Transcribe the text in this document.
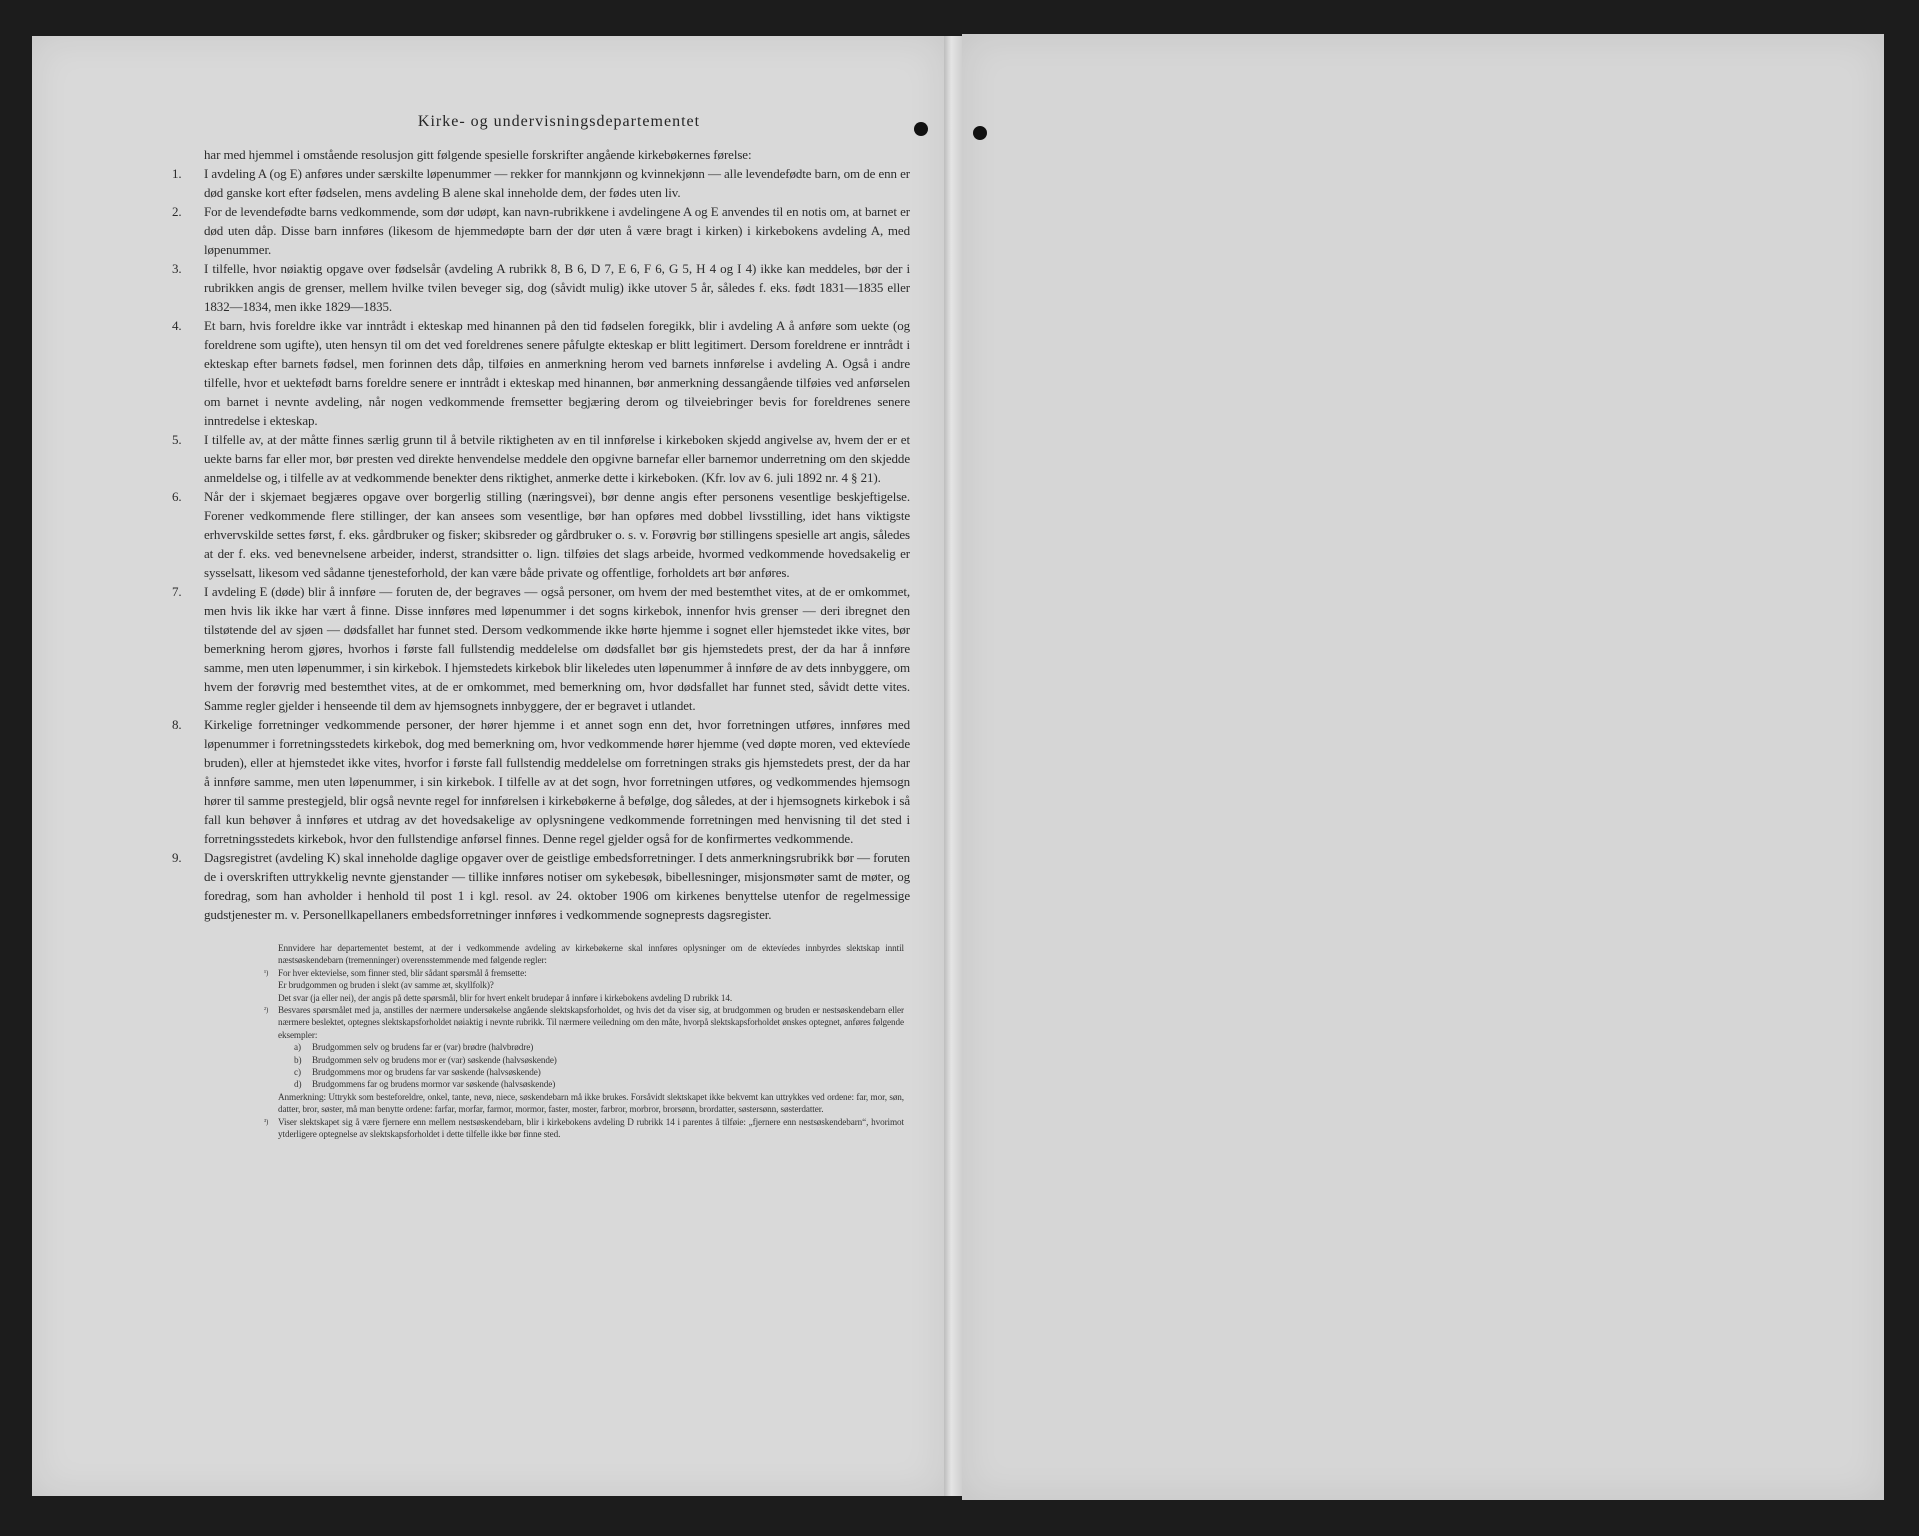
Kirke- og undervisningsdepartementet
har med hjemmel i omstående resolusjon gitt følgende spesielle forskrifter angående kirkebøkernes førelse:
1.	I avdeling A (og E) anføres under særskilte løpenummer — rekker for mannkjønn og kvinnekjønn — alle levendefødte barn, om de enn er død ganske kort efter fødselen, mens avdeling B alene skal inneholde dem, der fødes uten liv.
2.	For de levendefødte barns vedkommende, som dør udøpt, kan navn-rubrikkene i avdelingene A og E anvendes til en notis om, at barnet er død uten dåp. Disse barn innføres (likesom de hjemmedøpte barn der dør uten å være bragt i kirken) i kirkebokens avdeling A, med løpenummer.
3.	I tilfelle, hvor nøiaktig opgave over fødselsår (avdeling A rubrikk 8, B 6, D 7, E 6, F 6, G 5, H 4 og I 4) ikke kan meddeles, bør der i rubrikken angis de grenser, mellem hvilke tvilen beveger sig, dog (såvidt mulig) ikke utover 5 år, således f. eks. født 1831—1835 eller 1832—1834, men ikke 1829—1835.
4.	Et barn, hvis foreldre ikke var inntrådt i ekteskap med hinannen på den tid fødselen foregikk, blir i avdeling A å anføre som uekte (og foreldrene som ugifte), uten hensyn til om det ved foreldrenes senere påfulgte ekteskap er blitt legitimert. Dersom foreldrene er inntrådt i ekteskap efter barnets fødsel, men forinnen dets dåp, tilføies en anmerkning herom ved barnets innførelse i avdeling A. Også i andre tilfelle, hvor et uektefødt barns foreldre senere er inntrådt i ekteskap med hinannen, bør anmerkning dessangående tilføies ved anførselen om barnet i nevnte avdeling, når nogen vedkommende fremsetter begjæring derom og tilveiebringer bevis for foreldrenes senere inntredelse i ekteskap.
5.	I tilfelle av, at der måtte finnes særlig grunn til å betvile riktigheten av en til innførelse i kirkeboken skjedd angivelse av, hvem der er et uekte barns far eller mor, bør presten ved direkte henvendelse meddele den opgivne barnefar eller barnemor underretning om den skjedde anmeldelse og, i tilfelle av at vedkommende benekter dens riktighet, anmerke dette i kirkeboken. (Kfr. lov av 6. juli 1892 nr. 4 § 21).
6.	Når der i skjemaet begjæres opgave over borgerlig stilling (næringsvei), bør denne angis efter personens vesentlige beskjeftigelse. Forener vedkommende flere stillinger, der kan ansees som vesentlige, bør han opføres med dobbel livsstilling, idet hans viktigste erhvervskilde settes først, f. eks. gårdbruker og fisker; skibsreder og gårdbruker o. s. v. Forøvrig bør stillingens spesielle art angis, således at der f. eks. ved benevnelsene arbeider, inderst, strandsitter o. lign. tilføies det slags arbeide, hvormed vedkommende hovedsakelig er sysselsatt, likesom ved sådanne tjenesteforhold, der kan være både private og offentlige, forholdets art bør anføres.
7.	I avdeling E (døde) blir å innføre — foruten de, der begraves — også personer, om hvem der med bestemthet vites, at de er omkommet, men hvis lik ikke har vært å finne. Disse innføres med løpenummer i det sogns kirkebok, innenfor hvis grenser — deri ibregnet den tilstøtende del av sjøen — dødsfallet har funnet sted. Dersom vedkommende ikke hørte hjemme i sognet eller hjemstedet ikke vites, bør bemerkning herom gjøres, hvorhos i første fall fullstendig meddelelse om dødsfallet bør gis hjemstedets prest, der da har å innføre samme, men uten løpenummer, i sin kirkebok. I hjemstedets kirkebok blir likeledes uten løpenummer å innføre de av dets innbyggere, om hvem der forøvrig med bestemthet vites, at de er omkommet, med bemerkning om, hvor dødsfallet har funnet sted, såvidt dette vites. Samme regler gjelder i henseende til dem av hjemsognets innbyggere, der er begravet i utlandet.
8.	Kirkelige forretninger vedkommende personer, der hører hjemme i et annet sogn enn det, hvor forretningen utføres, innføres med løpenummer i forretningsstedets kirkebok, dog med bemerkning om, hvor vedkommende hører hjemme (ved døpte moren, ved ektevíede bruden), eller at hjemstedet ikke vites, hvorfor i første fall fullstendig meddelelse om forretningen straks gis hjemstedets prest, der da har å innføre samme, men uten løpenummer, i sin kirkebok. I tilfelle av at det sogn, hvor forretningen utføres, og vedkommendes hjemsogn hører til samme prestegjeld, blir også nevnte regel for innførelsen i kirkebøkerne å befølge, dog således, at der i hjemsognets kirkebok i så fall kun behøver å innføres et utdrag av det hovedsakelige av oplysningene vedkommende forretningen med henvisning til det sted i forretningsstedets kirkebok, hvor den fullstendige anførsel finnes. Denne regel gjelder også for de konfirmertes vedkommende.
9.	Dagsregistret (avdeling K) skal inneholde daglige opgaver over de geistlige embedsforretninger. I dets anmerkningsrubrikk bør — foruten de i overskriften uttrykkelig nevnte gjenstander — tillike innføres notiser om sykebesøk, bibellesninger, misjonsmøter samt de møter, og foredrag, som han avholder i henhold til post 1 i kgl. resol. av 24. oktober 1906 om kirkenes benyttelse utenfor de regelmessige gudstjenester m. v. Personellkapellaners embedsforretninger innføres i vedkommende sogneprests dagsregister.
Ennvidere har departementet bestemt, at der i vedkommende avdeling av kirkebøkerne skal innføres oplysninger om de ektevíedes innbyrdes slektskap inntil næstsøskendebarn (tremenninger) overensstemmende med følgende regler:
¹)	For hver ektevielse, som finner sted, blir sådant spørsmål å fremsette:
Er brudgommen og bruden i slekt (av samme æt, skyllfolk)?
Det svar (ja eller nei), der angis på dette spørsmål, blir for hvert enkelt brudepar å innføre i kirkebokens avdeling D rubrikk 14.
²)	Besvares spørsmålet med ja, anstilles der nærmere undersøkelse angående slektskapsforholdet, og hvis det da viser sig, at brudgommen og bruden er nestsøskendebarn eller nærmere beslektet, optegnes slektskapsforholdet nøiaktig i nevnte rubrikk. Til nærmere veiledning om den måte, hvorpå slektskapsforholdet ønskes optegnet, anføres følgende eksempler:
a)	Brudgommen selv og brudens far er (var) brødre (halvbrødre)
b)	Brudgommen selv og brudens mor er (var) søskende (halvsøskende)
c)	Brudgommens mor og brudens far var søskende (halvsøskende)
d)	Brudgommens far og brudens mormor var søskende (halvsøskende)
Anmerkning: Uttrykk som besteforeldre, onkel, tante, nevø, niece, søskendebarn må ikke brukes. Forsåvidt slektskapet ikke bekvemt kan uttrykkes ved ordene: far, mor, søn, datter, bror, søster, må man benytte ordene: farfar, morfar, farmor, mormor, faster, moster, farbror, morbror, brorsønn, brordatter, søstersønn, søsterdatter.
³)	Viser slektskapet sig å være fjernere enn mellem nestsøskendebarn, blir i kirkebokens avdeling D rubrikk 14 i parentes å tilføie: „fjernere enn nestsøskendebarn“, hvorimot ytderligere optegnelse av slektskapsforholdet i dette tilfelle ikke bør finne sted.
